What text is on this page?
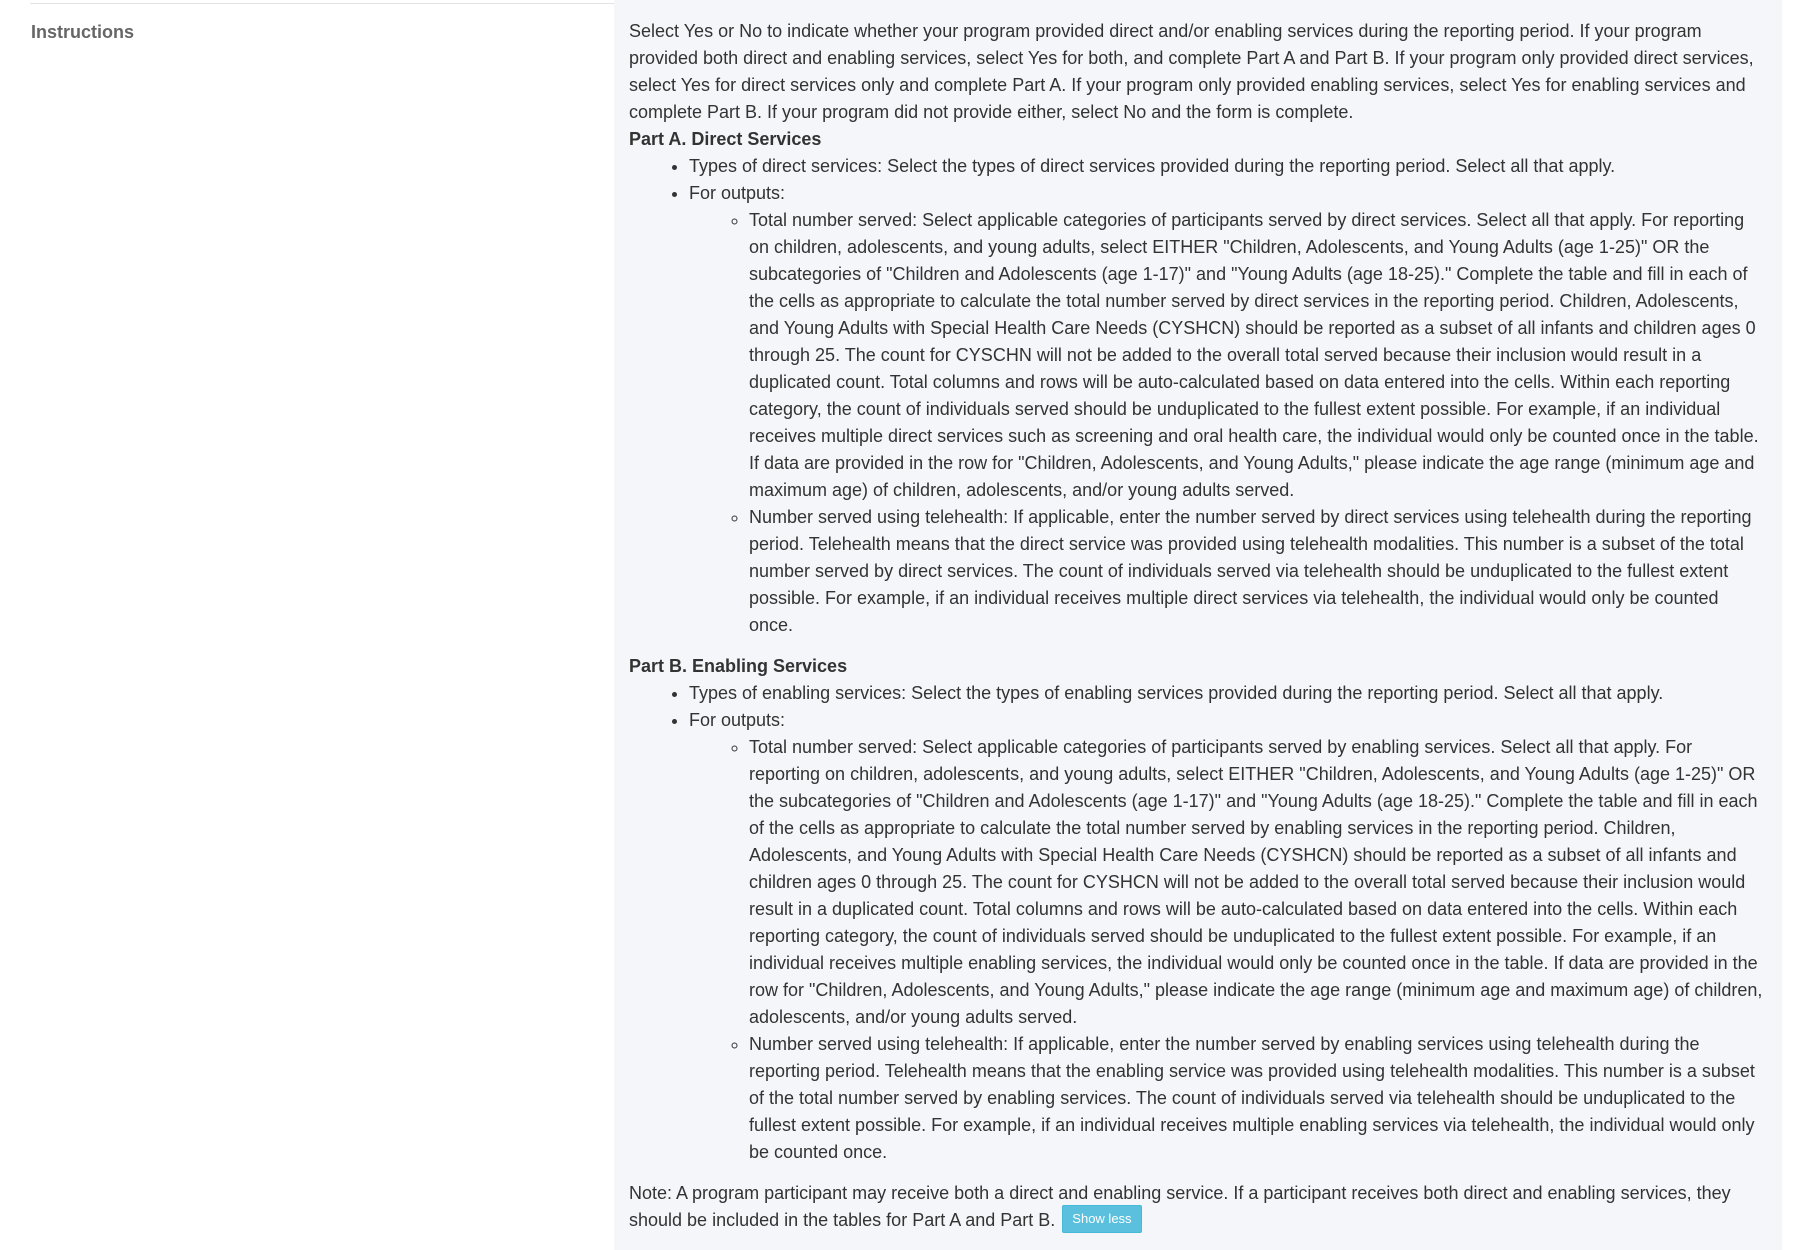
Instructions	Select Yes or No to indicate whether your program provided direct and/or enabling services during the reporting period. If your program provided both direct and enabling services, select Yes for both, and complete Part A and Part B. If your program only provided direct services, select Yes for direct services only and complete Part A. If your program only provided enabling services, select Yes for enabling services and complete Part B. If your program did not provide either, select No and the form is complete.

Part A. Direct Services
• Types of direct services: Select the types of direct services provided during the reporting period. Select all that apply.
• For outputs:
◦ Total number served: Select applicable categories of participants served by direct services. Select all that apply. For reporting on children, adolescents, and young adults, select EITHER "Children, Adolescents, and Young Adults (age 1-25)" OR the subcategories of "Children and Adolescents (age 1-17)" and "Young Adults (age 18-25)." Complete the table and fill in each of the cells as appropriate to calculate the total number served by direct services in the reporting period. Children, Adolescents, and Young Adults with Special Health Care Needs (CYSHCN) should be reported as a subset of all infants and children ages 0 through 25. The count for CYSCHN will not be added to the overall total served because their inclusion would result in a duplicated count. Total columns and rows will be auto-calculated based on data entered into the cells. Within each reporting category, the count of individuals served should be unduplicated to the fullest extent possible. For example, if an individual receives multiple direct services such as screening and oral health care, the individual would only be counted once in the table. If data are provided in the row for "Children, Adolescents, and Young Adults," please indicate the age range (minimum age and maximum age) of children, adolescents, and/or young adults served.
◦ Number served using telehealth: If applicable, enter the number served by direct services using telehealth during the reporting period. Telehealth means that the direct service was provided using telehealth modalities. This number is a subset of the total number served by direct services. The count of individuals served via telehealth should be unduplicated to the fullest extent possible. For example, if an individual receives multiple direct services via telehealth, the individual would only be counted once.
Part B. Enabling Services
• Types of enabling services: Select the types of enabling services provided during the reporting period. Select all that apply.
• For outputs:
◦ Total number served: Select applicable categories of participants served by enabling services. Select all that apply. For reporting on children, adolescents, and young adults, select EITHER "Children, Adolescents, and Young Adults (age 1-25)" OR the subcategories of "Children and Adolescents (age 1-17)" and "Young Adults (age 18-25)." Complete the table and fill in each of the cells as appropriate to calculate the total number served by enabling services in the reporting period. Children, Adolescents, and Young Adults with Special Health Care Needs (CYSHCN) should be reported as a subset of all infants and children ages 0 through 25. The count for CYSHCN will not be added to the overall total served because their inclusion would result in a duplicated count. Total columns and rows will be auto-calculated based on data entered into the cells. Within each reporting category, the count of individuals served should be unduplicated to the fullest extent possible. For example, if an individual receives multiple enabling services, the individual would only be counted once in the table. If data are provided in the row for "Children, Adolescents, and Young Adults," please indicate the age range (minimum age and maximum age) of children, adolescents, and/or young adults served.
◦ Number served using telehealth: If applicable, enter the number served by enabling services using telehealth during the reporting period. Telehealth means that the enabling service was provided using telehealth modalities. This number is a subset of the total number served by enabling services. The count of individuals served via telehealth should be unduplicated to the fullest extent possible. For example, if an individual receives multiple enabling services via telehealth, the individual would only be counted once.

Note: A program participant may receive both a direct and enabling service. If a participant receives both direct and enabling services, they should be included in the tables for Part A and Part B. Show less
